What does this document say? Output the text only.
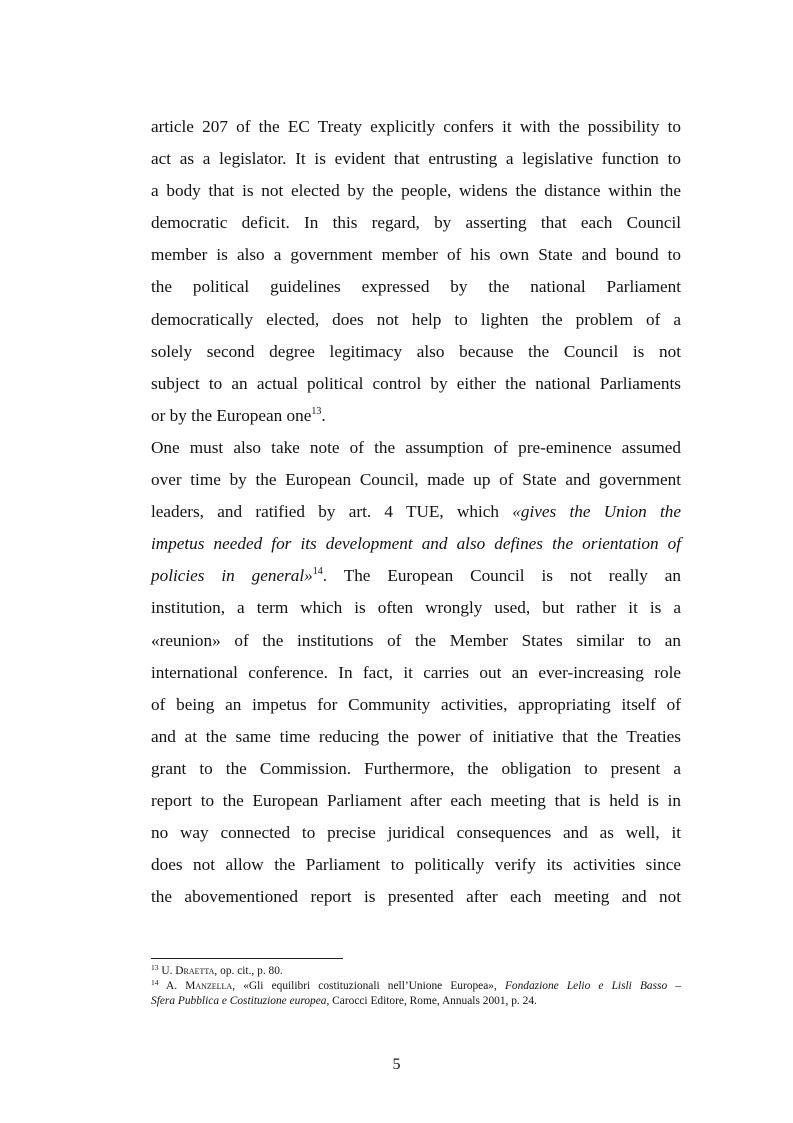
article 207 of the EC Treaty explicitly confers it with the possibility to
act as a legislator. It is evident that entrusting a legislative function to
a body that is not elected by the people, widens the distance within the
democratic deficit. In this regard, by asserting that each Council
member is also a government member of his own State and bound to
the political guidelines expressed by the national Parliament
democratically elected, does not help to lighten the problem of a
solely second degree legitimacy also because the Council is not
subject to an actual political control by either the national Parliaments
or by the European one$^{13}$.
One must also take note of the assumption of pre-eminence assumed
over time by the European Council, made up of State and government
leaders, and ratified by art. 4 TUE, which «gives the Union the
impetus needed for its development and also defines the orientation of
policies in general»$^{14}$. The European Council is not really an
institution, a term which is often wrongly used, but rather it is a
«reunion» of the institutions of the Member States similar to an
international conference. In fact, it carries out an ever-increasing role
of being an impetus for Community activities, appropriating itself of
and at the same time reducing the power of initiative that the Treaties
grant to the Commission. Furthermore, the obligation to present a
report to the European Parliament after each meeting that is held is in
no way connected to precise juridical consequences and as well, it
does not allow the Parliament to politically verify its activities since
the abovementioned report is presented after each meeting and not
$^{13}$ U. Draetta, op. cit., p. 80.
$^{14}$ A. Manzella, «Gli equilibri costituzionali nell’Unione Europea», Fondazione Lelio e Lisli Basso –
Sfera Pubblica e Costituzione europea, Carocci Editore, Rome, Annuals 2001, p. 24.
5
